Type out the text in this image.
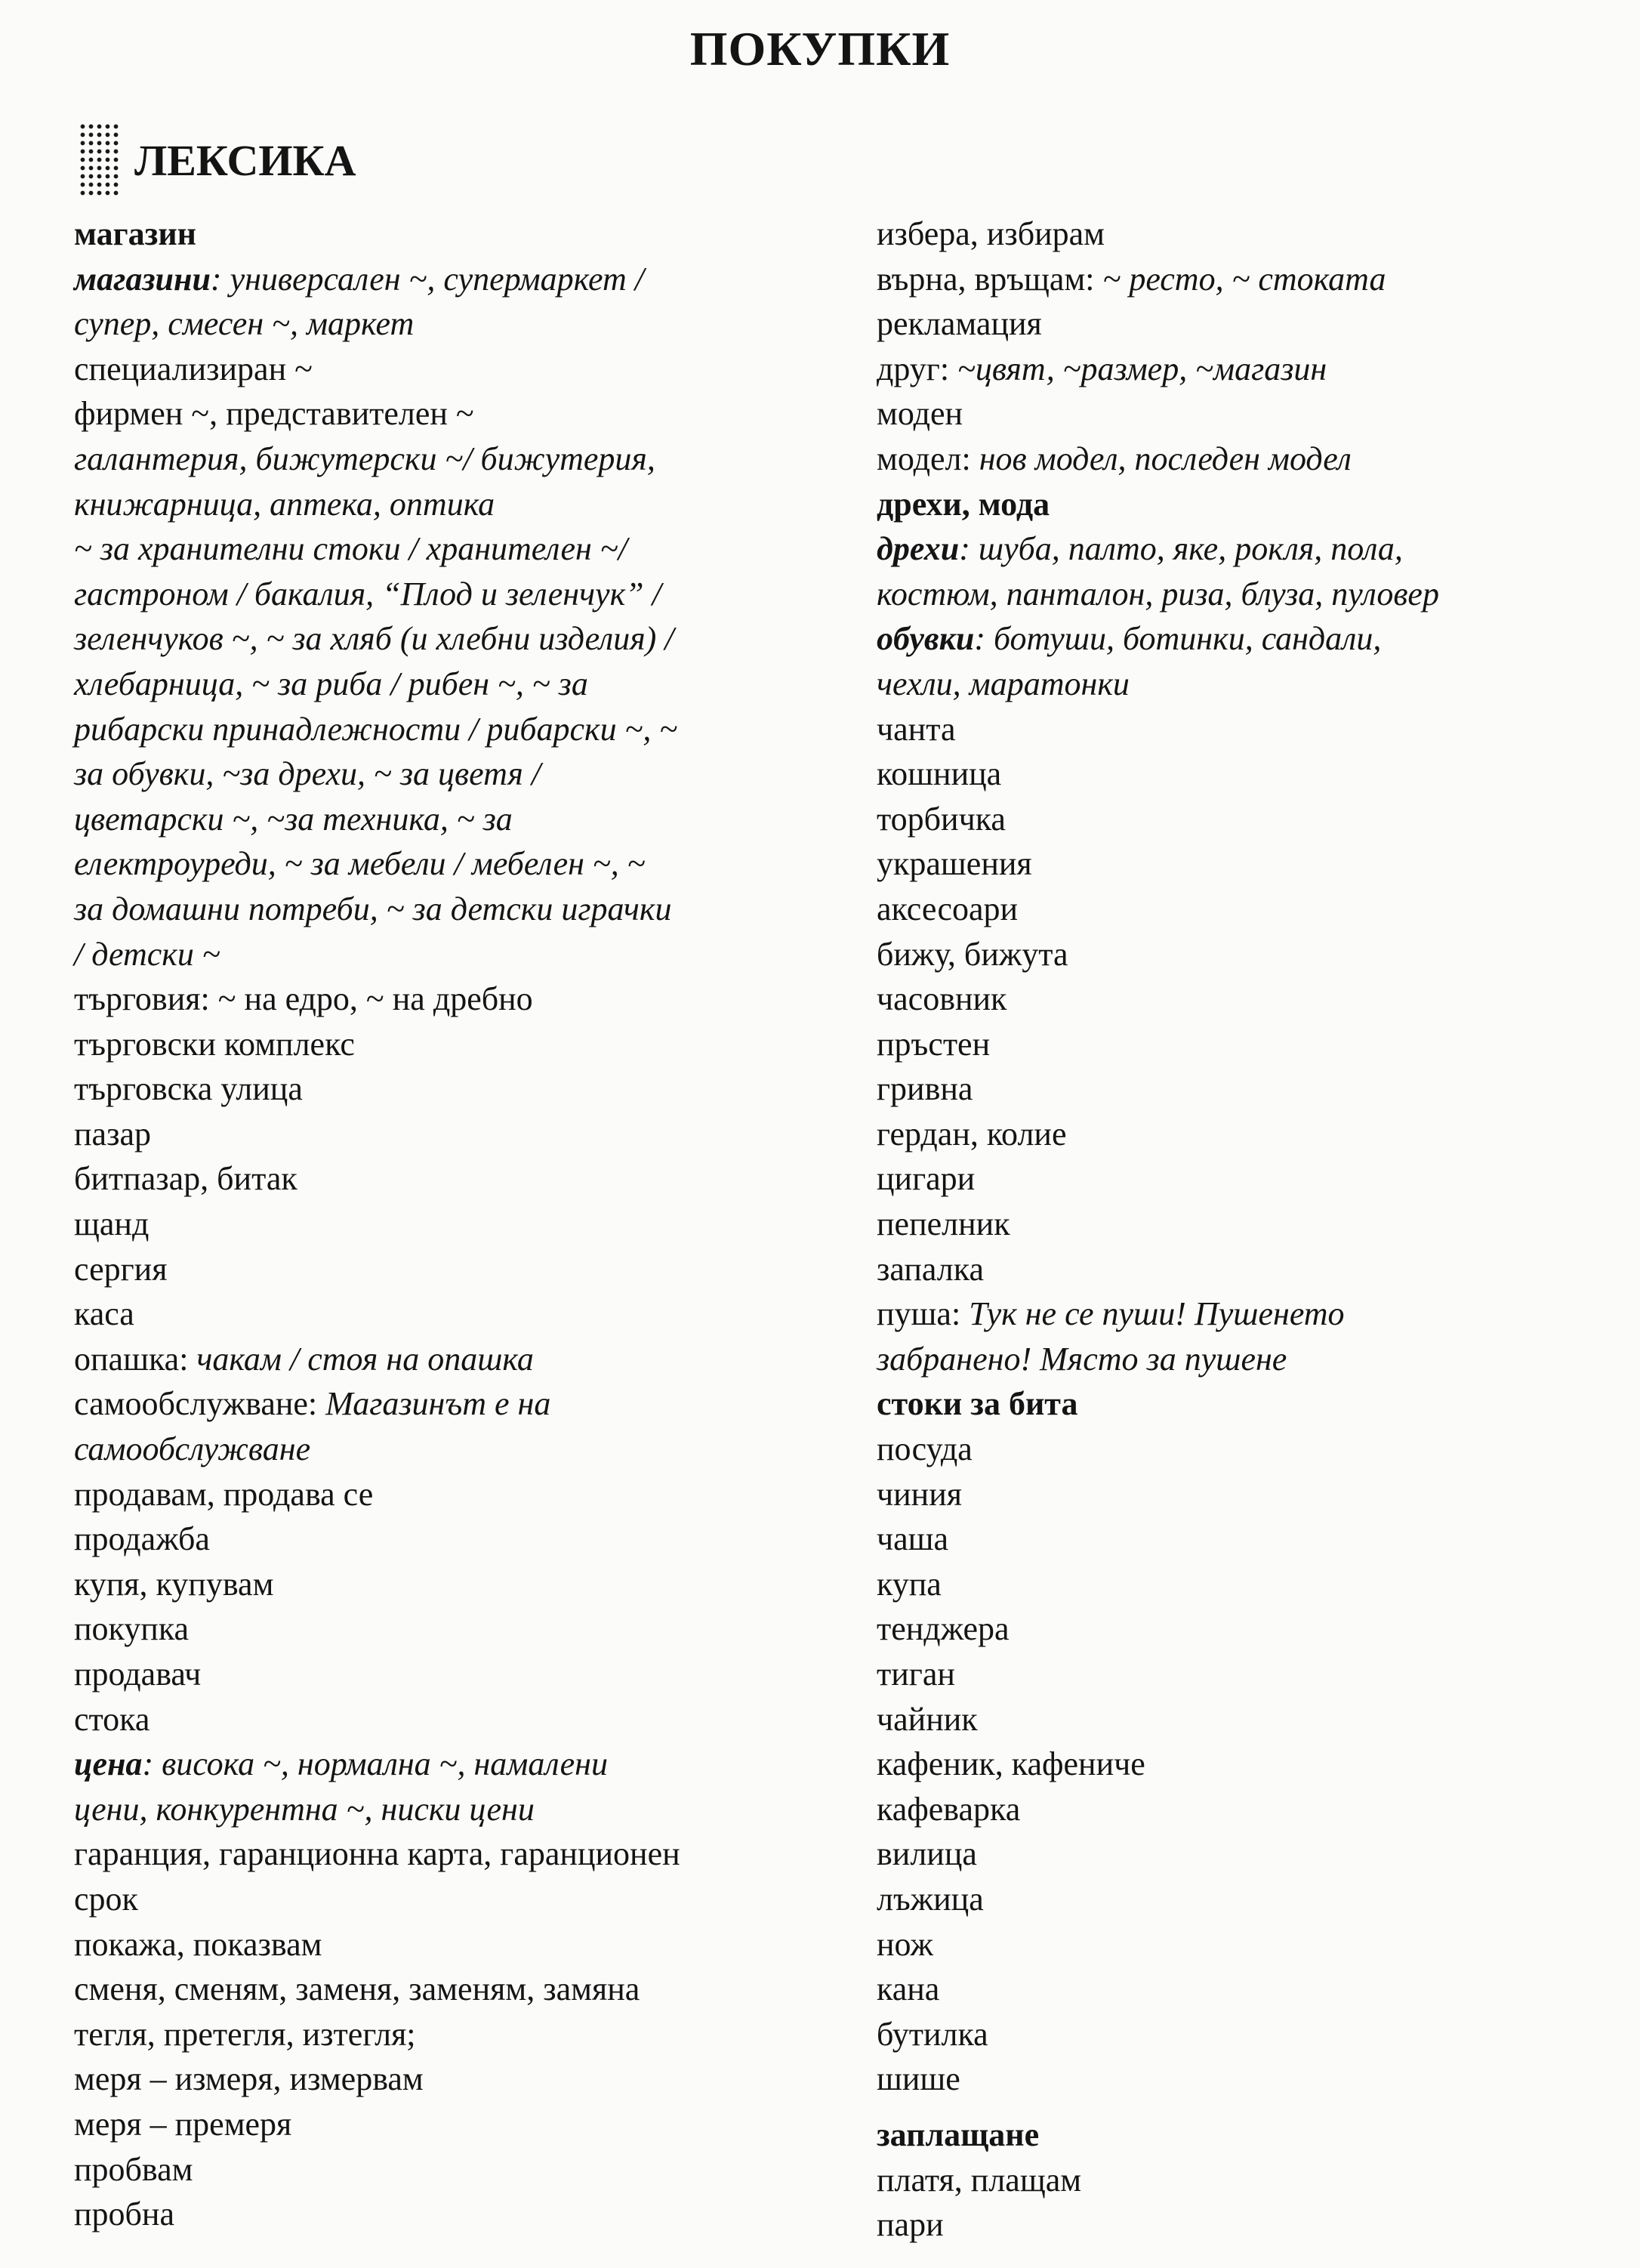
ПОКУПКИ
ЛЕКСИКА
магазин
магазини: универсален ~, супермаркет /
супер, смесен ~, маркет
специализиран ~
фирмен ~, представителен ~
галантерия, бижутерски ~/ бижутерия,
книжарница, аптека, оптика
~ за хранителни стоки / хранителен ~/
гастроном / бакалия, “Плод и зеленчук” /
зеленчуков ~, ~ за хляб (и хлебни изделия) /
хлебарница, ~ за риба / рибен ~, ~ за
рибарски принадлежности / рибарски ~, ~
за обувки, ~за дрехи, ~ за цветя /
цветарски ~, ~за техника, ~ за
електроуреди, ~ за мебели / мебелен ~, ~
за домашни потреби, ~ за детски играчки
/ детски ~
търговия: ~ на едро, ~ на дребно
търговски комплекс
търговска улица
пазар
битпазар, битак
щанд
сергия
каса
опашка: чакам / стоя на опашка
самообслужване: Магазинът е на
самообслужване
продавам, продава се
продажба
купя, купувам
покупка
продавач
стока
цена: висока ~, нормална ~, намалени
цени, конкурентна ~, ниски цени
гаранция, гаранционна карта, гаранционен
срок
покажа, показвам
сменя, сменям, заменя, заменям, замяна
тегля, претегля, изтегля;
меря – измеря, измервам
меря – премеря
пробвам
пробна
избера, избирам
върна, връщам: ~ ресто, ~ стоката
рекламация
друг: ~цвят, ~размер, ~магазин
моден
модел: нов модел, последен модел
дрехи, мода
дрехи: шуба, палто, яке, рокля, пола,
костюм, панталон, риза, блуза, пуловер
обувки: ботуши, ботинки, сандали,
чехли, маратонки
чанта
кошница
торбичка
украшения
аксесоари
бижу, бижута
часовник
пръстен
гривна
гердан, колие
цигари
пепелник
запалка
пуша: Тук не се пуши! Пушенето
забранено! Място за пушене
стоки за бита
посуда
чиния
чаша
купа
тенджера
тиган
чайник
кафеник, кафениче
кафеварка
вилица
лъжица
нож
кана
бутилка
шише
заплащане
платя, плащам
пари
